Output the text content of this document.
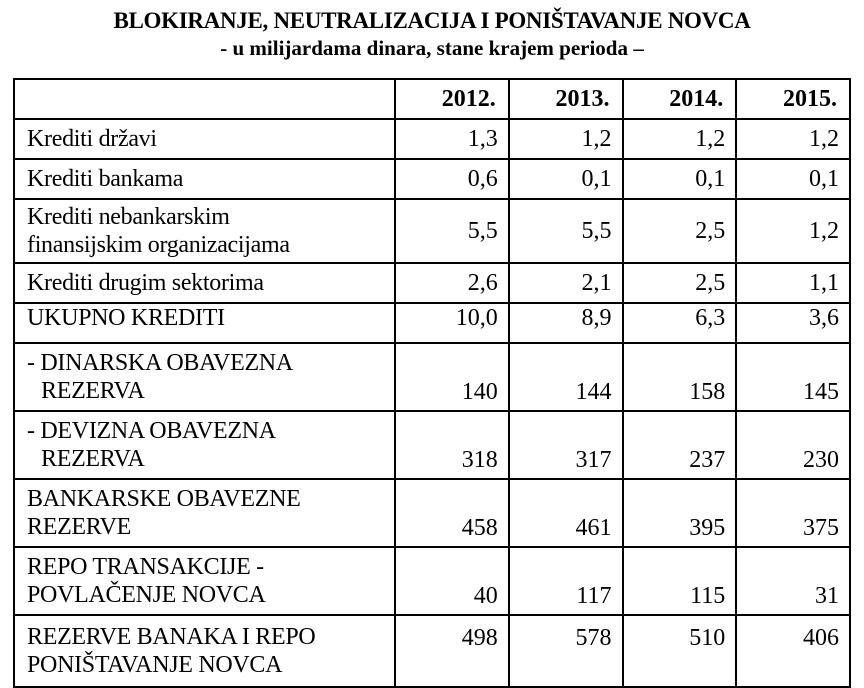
BLOKIRANJE, NEUTRALIZACIJA I PONIŠTAVANJE NOVCA
- u milijardama dinara, stane krajem perioda –
	2012.	2013.	2014.	2015.

Krediti državi	1,3	1,2	1,2	1,2

Krediti bankama	0,6	0,1	0,1	0,1

Krediti nebankarskim
finansijskim organizacijama	5,5	5,5	2,5	1,2

Krediti drugim sektorima	2,6	2,1	2,5	1,1

UKUPNO KREDITI	10,0	8,9	6,3	3,6

- DINARSKA OBAVEZNA
REZERVA	140	144	158	145

- DEVIZNA OBAVEZNA
REZERVA	318	317	237	230

BANKARSKE OBAVEZNE
REZERVE	458	461	395	375

REPO TRANSAKCIJE -
POVLAČENJE NOVCA	40	117	115	31

REZERVE BANAKA I REPO
PONIŠTAVANJE NOVCA	498	578	510	406
